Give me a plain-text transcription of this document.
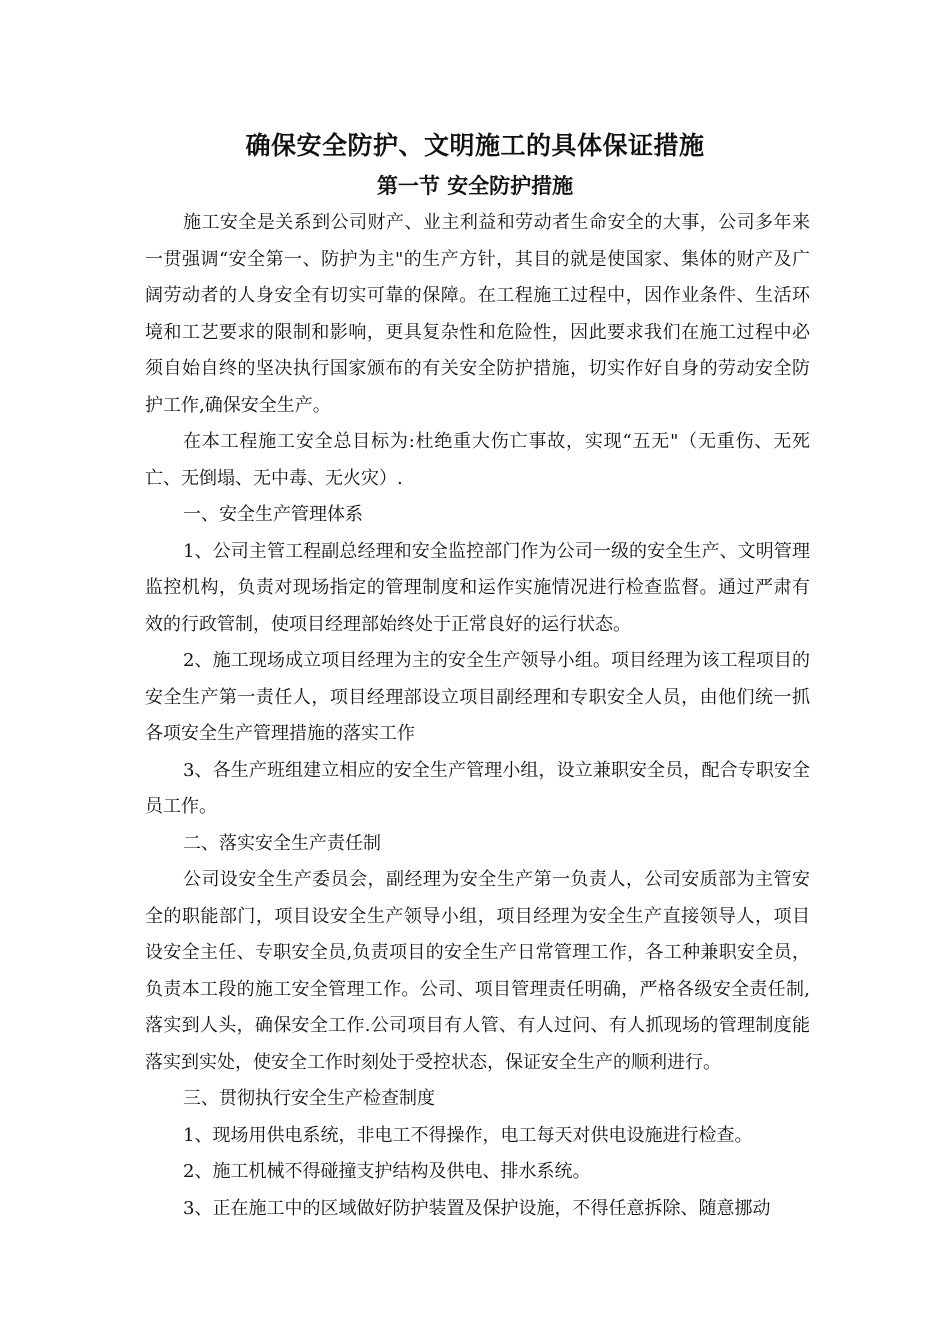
确保安全防护、文明施工的具体保证措施
第一节 安全防护措施

施工安全是关系到公司财产、业主利益和劳动者生命安全的大事，公司多年来一贯强调“安全第一、防护为主"的生产方针，其目的就是使国家、集体的财产及广阔劳动者的人身安全有切实可靠的保障。在工程施工过程中，因作业条件、生活环境和工艺要求的限制和影响，更具复杂性和危险性，因此要求我们在施工过程中必须自始自终的坚决执行国家颁布的有关安全防护措施，切实作好自身的劳动安全防护工作,确保安全生产。

在本工程施工安全总目标为:杜绝重大伤亡事故，实现“五无"（无重伤、无死亡、无倒塌、无中毒、无火灾）.

一、安全生产管理体系

1、公司主管工程副总经理和安全监控部门作为公司一级的安全生产、文明管理监控机构，负责对现场指定的管理制度和运作实施情况进行检查监督。通过严肃有效的行政管制，使项目经理部始终处于正常良好的运行状态。

2、施工现场成立项目经理为主的安全生产领导小组。项目经理为该工程项目的安全生产第一责任人，项目经理部设立项目副经理和专职安全人员，由他们统一抓各项安全生产管理措施的落实工作

3、各生产班组建立相应的安全生产管理小组，设立兼职安全员，配合专职安全员工作。

二、落实安全生产责任制

公司设安全生产委员会，副经理为安全生产第一负责人，公司安质部为主管安全的职能部门，项目设安全生产领导小组，项目经理为安全生产直接领导人，项目设安全主任、专职安全员,负责项目的安全生产日常管理工作，各工种兼职安全员，负责本工段的施工安全管理工作。公司、项目管理责任明确，严格各级安全责任制,落实到人头，确保安全工作.公司项目有人管、有人过问、有人抓现场的管理制度能落实到实处，使安全工作时刻处于受控状态，保证安全生产的顺利进行。

三、贯彻执行安全生产检查制度

1、现场用供电系统，非电工不得操作，电工每天对供电设施进行检查。

2、施工机械不得碰撞支护结构及供电、排水系统。

3、正在施工中的区域做好防护装置及保护设施，不得任意拆除、随意挪动
